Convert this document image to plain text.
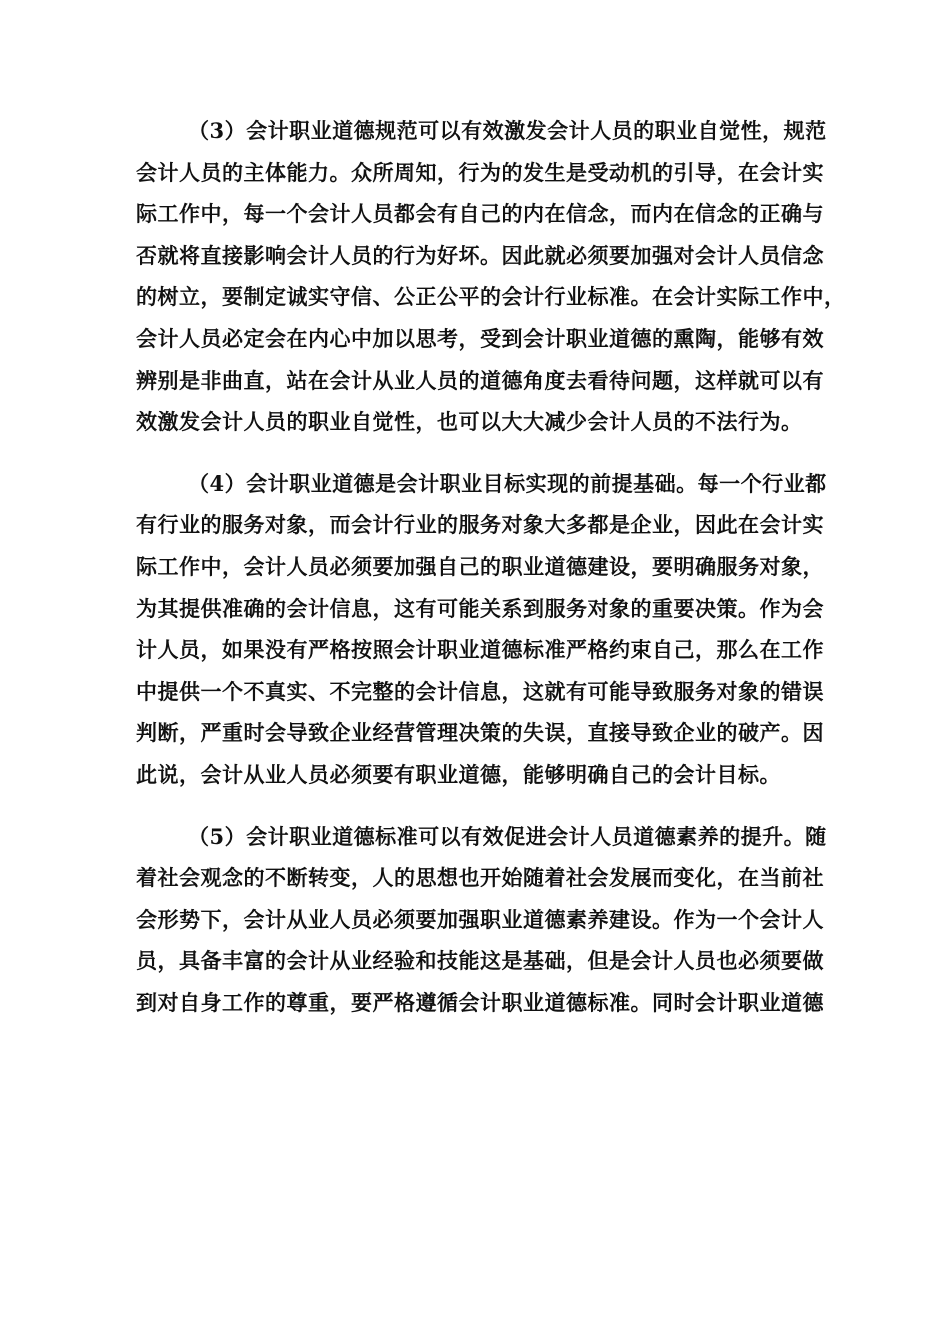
（3）会计职业道德规范可以有效激发会计人员的职业自觉性，规范
会计人员的主体能力。众所周知，行为的发生是受动机的引导，在会计实
际工作中，每一个会计人员都会有自己的内在信念，而内在信念的正确与
否就将直接影响会计人员的行为好坏。因此就必须要加强对会计人员信念
的树立，要制定诚实守信、公正公平的会计行业标准。在会计实际工作中，
会计人员必定会在内心中加以思考，受到会计职业道德的熏陶，能够有效
辨别是非曲直，站在会计从业人员的道德角度去看待问题，这样就可以有
效激发会计人员的职业自觉性，也可以大大减少会计人员的不法行为。
（4）会计职业道德是会计职业目标实现的前提基础。每一个行业都
有行业的服务对象，而会计行业的服务对象大多都是企业，因此在会计实
际工作中，会计人员必须要加强自己的职业道德建设，要明确服务对象，
为其提供准确的会计信息，这有可能关系到服务对象的重要决策。作为会
计人员，如果没有严格按照会计职业道德标准严格约束自己，那么在工作
中提供一个不真实、不完整的会计信息，这就有可能导致服务对象的错误
判断，严重时会导致企业经营管理决策的失误，直接导致企业的破产。因
此说，会计从业人员必须要有职业道德，能够明确自己的会计目标。
（5）会计职业道德标准可以有效促进会计人员道德素养的提升。随
着社会观念的不断转变，人的思想也开始随着社会发展而变化，在当前社
会形势下，会计从业人员必须要加强职业道德素养建设。作为一个会计人
员，具备丰富的会计从业经验和技能这是基础，但是会计人员也必须要做
到对自身工作的尊重，要严格遵循会计职业道德标准。同时会计职业道德
